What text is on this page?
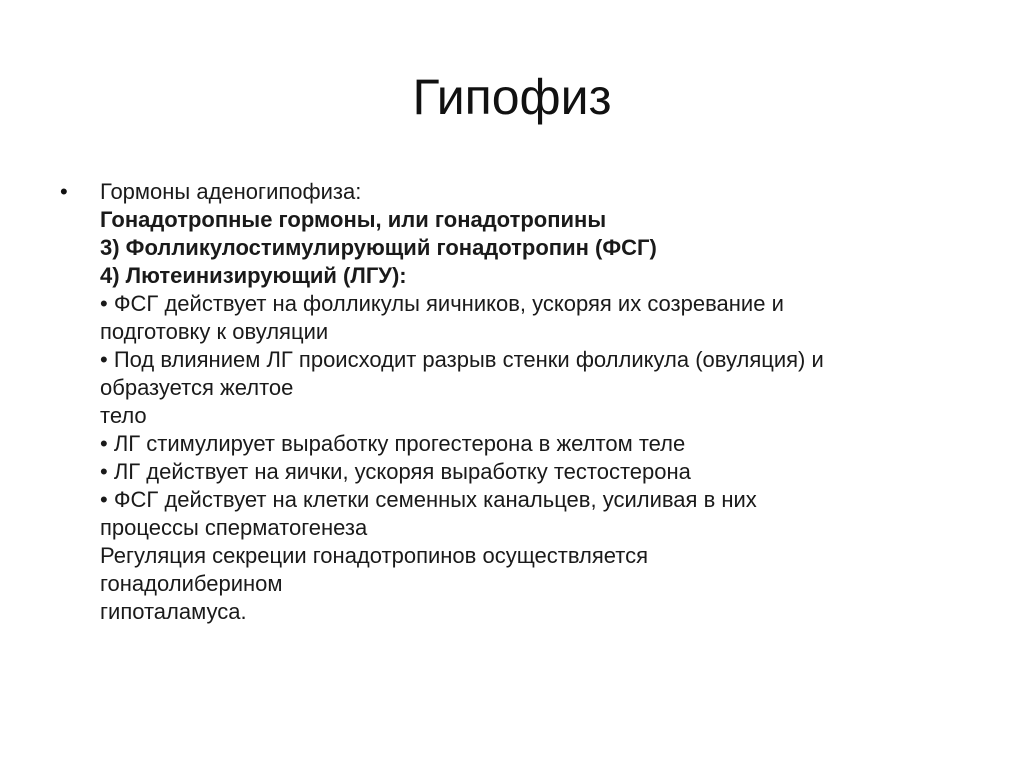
Гипофиз
• Гормоны аденогипофиза:
Гонадотропные гормоны, или гонадотропины
3) Фолликулостимулирующий гонадотропин (ФСГ)
4) Лютеинизирующий (ЛГУ):
• ФСГ действует на фолликулы яичников, ускоряя их созревание и
подготовку к овуляции
• Под влиянием ЛГ происходит разрыв стенки фолликула (овуляция) и
образуется желтое
тело
• ЛГ стимулирует выработку прогестерона в желтом теле
• ЛГ действует на яички, ускоряя выработку тестостерона
• ФСГ действует на клетки семенных канальцев, усиливая в них
процессы сперматогенеза
Регуляция секреции гонадотропинов осуществляется
гонадолиберином
гипоталамуса.
